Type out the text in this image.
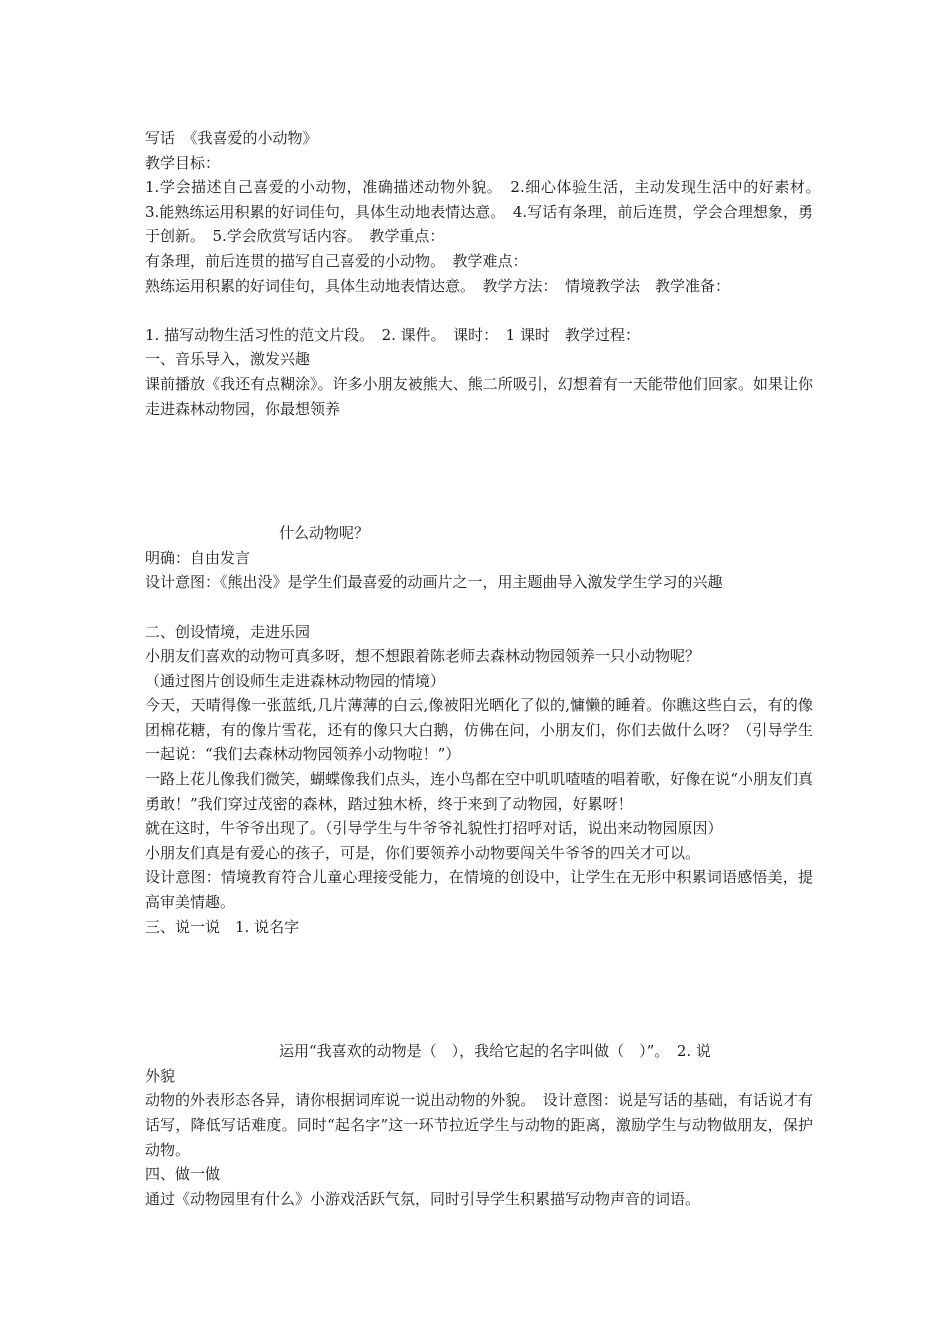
写话　《我喜爱的小动物》

教学目标：

1.学会描述自己喜爱的小动物，准确描述动物外貌。　2.细心体验生活，主动发现生活中的好素材。　3.能熟练运用积累的好词佳句，具体生动地表情达意。　4.写话有条理，前后连贯，学会合理想象，勇于创新。　5.学会欣赏写话内容。　教学重点：

有条理，前后连贯的描写自己喜爱的小动物。　教学难点：

熟练运用积累的好词佳句，具体生动地表情达意。　教学方法：　情境教学法　教学准备：

1. 描写动物生活习性的范文片段。　2. 课件。　课时：　1 课时　教学过程：

一、音乐导入，激发兴趣

课前播放《我还有点糊涂》。许多小朋友被熊大、熊二所吸引，幻想着有一天能带他们回家。如果让你走进森林动物园，你最想领养

什么动物呢？

明确：自由发言

设计意图：《熊出没》是学生们最喜爱的动画片之一，用主题曲导入激发学生学习的兴趣

二、创设情境，走进乐园

小朋友们喜欢的动物可真多呀，想不想跟着陈老师去森林动物园领养一只小动物呢？

（通过图片创设师生走进森林动物园的情境）

今天，天晴得像一张蓝纸,几片薄薄的白云,像被阳光晒化了似的,慵懒的睡着。你瞧这些白云，有的像团棉花糖，有的像片雪花，还有的像只大白鹅，仿佛在问，小朋友们，你们去做什么呀？（引导学生一起说：“我们去森林动物园领养小动物啦！”）

一路上花儿像我们微笑，蝴蝶像我们点头，连小鸟都在空中叽叽喳喳的唱着歌，好像在说“小朋友们真勇敢！”我们穿过茂密的森林，踏过独木桥，终于来到了动物园，好累呀！

就在这时，牛爷爷出现了。（引导学生与牛爷爷礼貌性打招呼对话，说出来动物园原因）

小朋友们真是有爱心的孩子，可是，你们要领养小动物要闯关牛爷爷的四关才可以。

设计意图：情境教育符合儿童心理接受能力，在情境的创设中，让学生在无形中积累词语感悟美，提高审美情趣。

三、说一说　1. 说名字

运用“我喜欢的动物是（　），我给它起的名字叫做（　）”。　2. 说

外貌

动物的外表形态各异，请你根据词库说一说出动物的外貌。　设计意图：说是写话的基础，有话说才有话写，降低写话难度。同时“起名字”这一环节拉近学生与动物的距离，激励学生与动物做朋友，保护动物。

四、做一做

通过《动物园里有什么》小游戏活跃气氛，同时引导学生积累描写动物声音的词语。
